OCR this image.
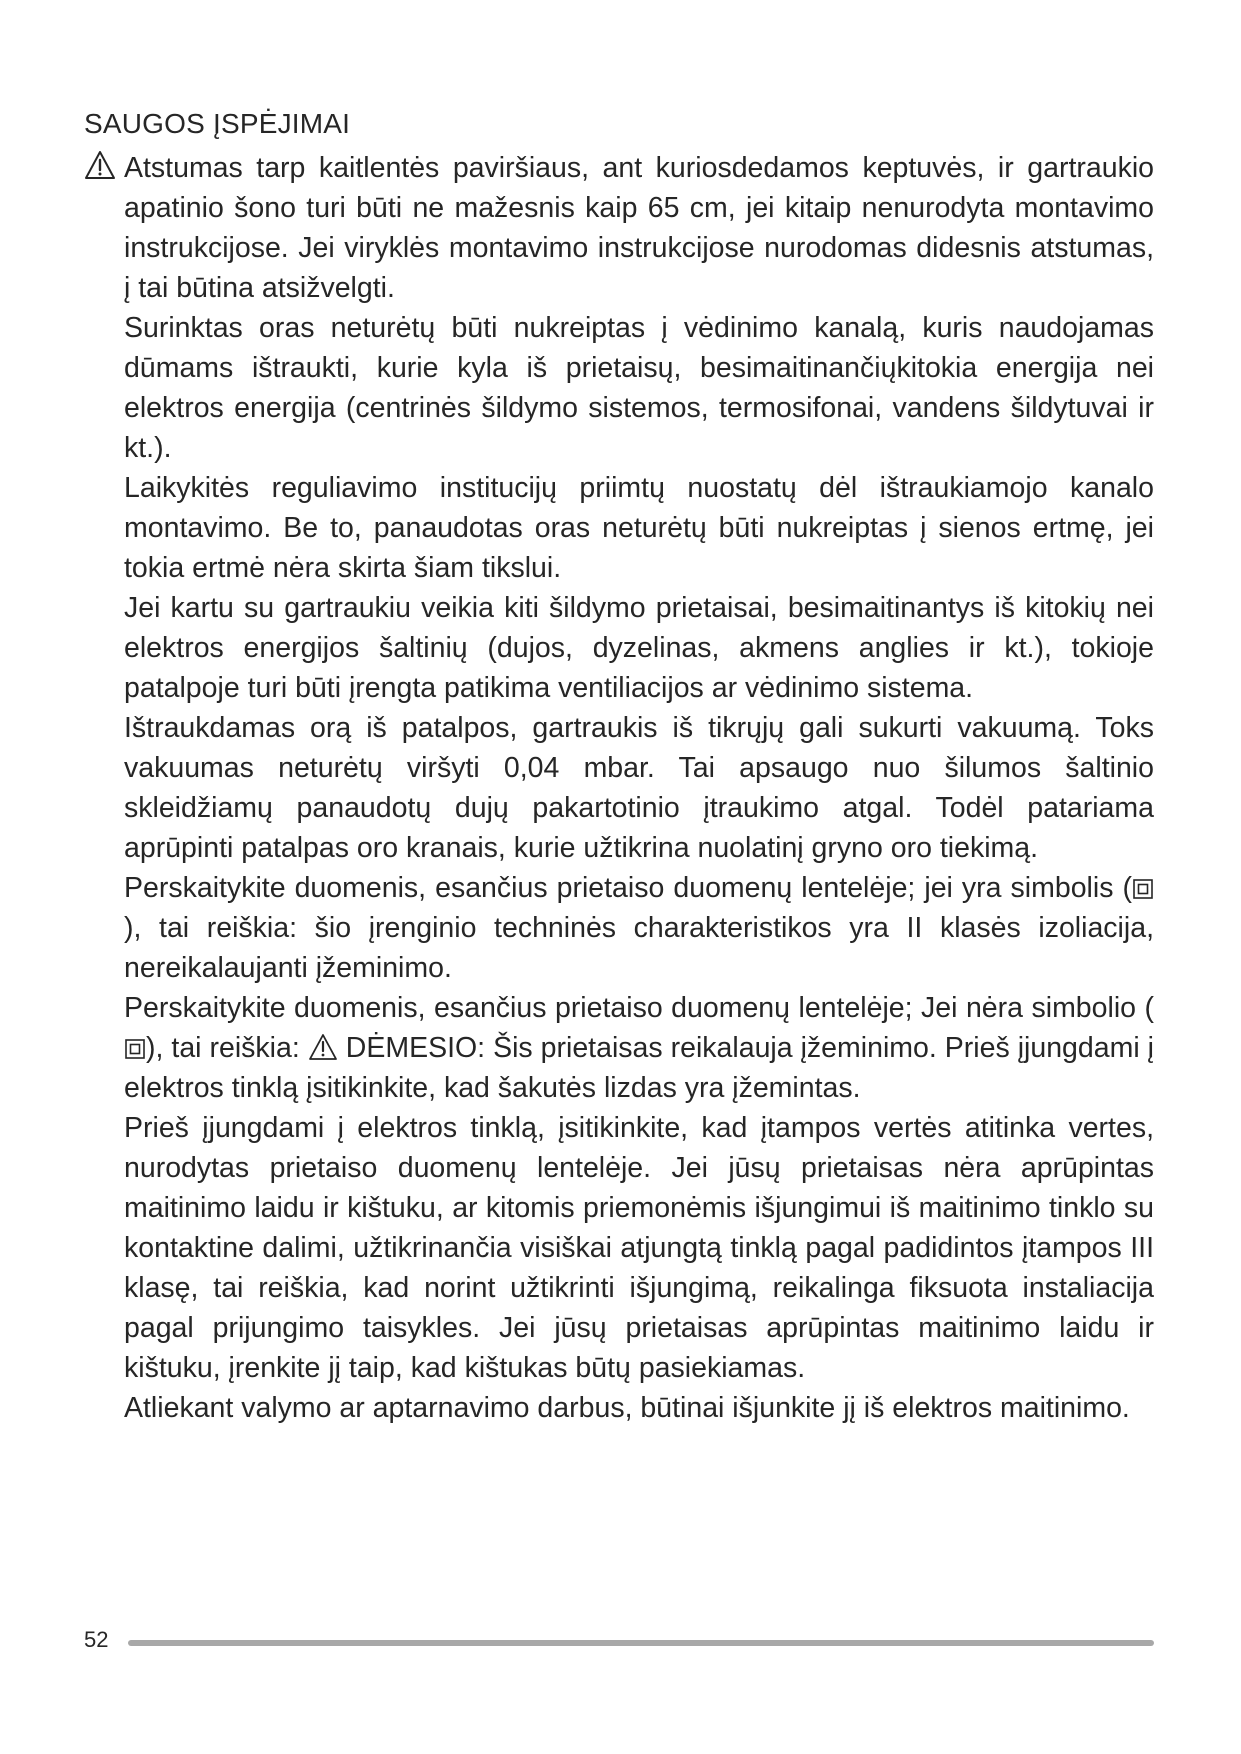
SAUGOS ĮSPĖJIMAI

Atstumas tarp kaitlentės paviršiaus, ant kuriosdedamos keptuvės, ir gartraukio apatinio šono turi būti ne mažesnis kaip 65 cm, jei kitaip nenurodyta montavimo instrukcijose. Jei viryklės montavimo instrukcijose nurodomas didesnis atstumas, į tai būtina atsižvelgti.

Surinktas oras neturėtų būti nukreiptas į vėdinimo kanalą, kuris naudojamas dūmams ištraukti, kurie kyla iš prietaisų, besimaitinančiųkitokia energija nei elektros energija (centrinės šildymo sistemos, termosifonai, vandens šildytuvai ir kt.).

Laikykitės reguliavimo institucijų priimtų nuostatų dėl ištraukiamojo kanalo montavimo. Be to, panaudotas oras neturėtų būti nukreiptas į sienos ertmę, jei tokia ertmė nėra skirta šiam tikslui.

Jei kartu su gartraukiu veikia kiti šildymo prietaisai, besimaitinantys iš kitokių nei elektros energijos šaltinių (dujos, dyzelinas, akmens anglies ir kt.), tokioje patalpoje turi būti įrengta patikima ventiliacijos ar vėdinimo sistema.

Ištraukdamas orą iš patalpos, gartraukis iš tikrųjų gali sukurti vakuumą. Toks vakuumas neturėtų viršyti 0,04 mbar. Tai apsaugo nuo šilumos šaltinio skleidžiamų panaudotų dujų pakartotinio įtraukimo atgal. Todėl patariama aprūpinti patalpas oro kranais, kurie užtikrina nuolatinį gryno oro tiekimą.

Perskaitykite duomenis, esančius prietaiso duomenų lentelėje; jei yra simbolis (), tai reiškia: šio įrenginio techninės charakteristikos yra II klasės izoliacija, nereikalaujanti įžeminimo.

Perskaitykite duomenis, esančius prietaiso duomenų lentelėje; Jei nėra simbolio (), tai reiškia:  DĖMESIO: Šis prietaisas reikalauja įžeminimo. Prieš įjungdami į elektros tinklą įsitikinkite, kad šakutės lizdas yra įžemintas.

Prieš įjungdami į elektros tinklą, įsitikinkite, kad įtampos vertės atitinka vertes, nurodytas prietaiso duomenų lentelėje. Jei jūsų prietaisas nėra aprūpintas maitinimo laidu ir kištuku, ar kitomis priemonėmis išjungimui iš maitinimo tinklo su kontaktine dalimi, užtikrinančia visiškai atjungtą tinklą pagal padidintos įtampos III klasę, tai reiškia, kad norint užtikrinti išjungimą, reikalinga fiksuota instaliacija pagal prijungimo taisykles. Jei jūsų prietaisas aprūpintas maitinimo laidu ir kištuku, įrenkite jį taip, kad kištukas būtų pasiekiamas.

Atliekant valymo ar aptarnavimo darbus, būtinai išjunkite jį iš elektros maitinimo.

52
